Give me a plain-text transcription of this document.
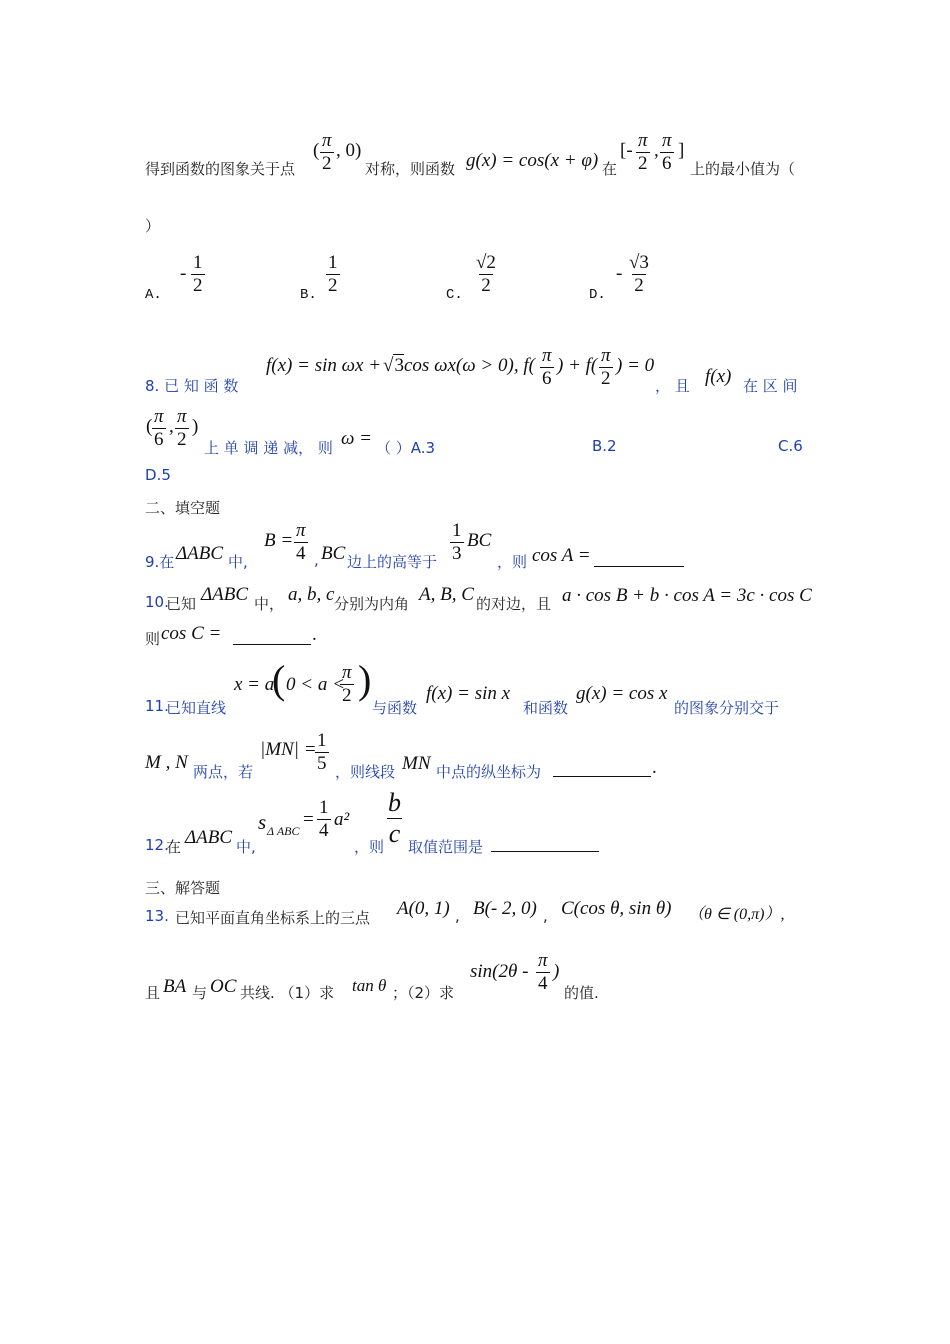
得到函数的图象关于点
( $\frac{\pi}{2}$ , 0)
对称，则函数 g(x) = cos(x + φ) 在
[- $\frac{\pi}{2}$ , $\frac{\pi}{6}$ ]
上的最小值为（
）
A.
- $\frac{1}{2}$	B. $\frac{1}{2}$	C. $\frac{√2}{2}$	D.
- $\frac{√3}{2}$
8. 已 知 函 数
f(x) = sin ωx + √3 cos ωx(ω > 0), $f( \frac{\pi}{6}$ ) + $f( \frac{\pi}{2}$ ) = 0
， 且 f(x) 在 区 间
( $\frac{\pi}{6}$ , $\frac{\pi}{2}$ )
上 单 调 递 减， 则 ω = （ ）A.3	B.2	C.6
D.5
二、填空题
9.在 ΔABC 中,
$B = \frac{\pi}{4}$ , BC 边上的高等于 $\frac{1}{3}$ BC
，则 cos A =
10.
已知 ΔABC 中， a, b, c 分别为内角 A, B, C 的对边，且 a · cos B + b · cos A = 3c · cos C
则 cos C =	.
11.
已知直线
x = a
( 0 < a <
$\frac{\pi}{2}$ )
与函数
f(x) = sin x
和函数
g(x) = cos x
的图象分别交于
M , N 两点，若
|MN| =
$\frac{1}{5}$ ，则线段 MN 中点的纵坐标为	.
12.
在 ΔABC 中,
s Δ ABC
= $\frac{1}{4} a^2$
，则 $\frac{b}{c}$ 取值范围是
三、解答题
13. 已知平面直角坐标系上的三点 A(0, 1) , B(- 2, 0) , C(cos θ, sin θ) （θ ∈ (0,π)）,
且 BA 与 OC 共线. （1）求 tan θ ；（2）求
$\sin(2\theta - \frac{\pi}{4}$ )
的值.
